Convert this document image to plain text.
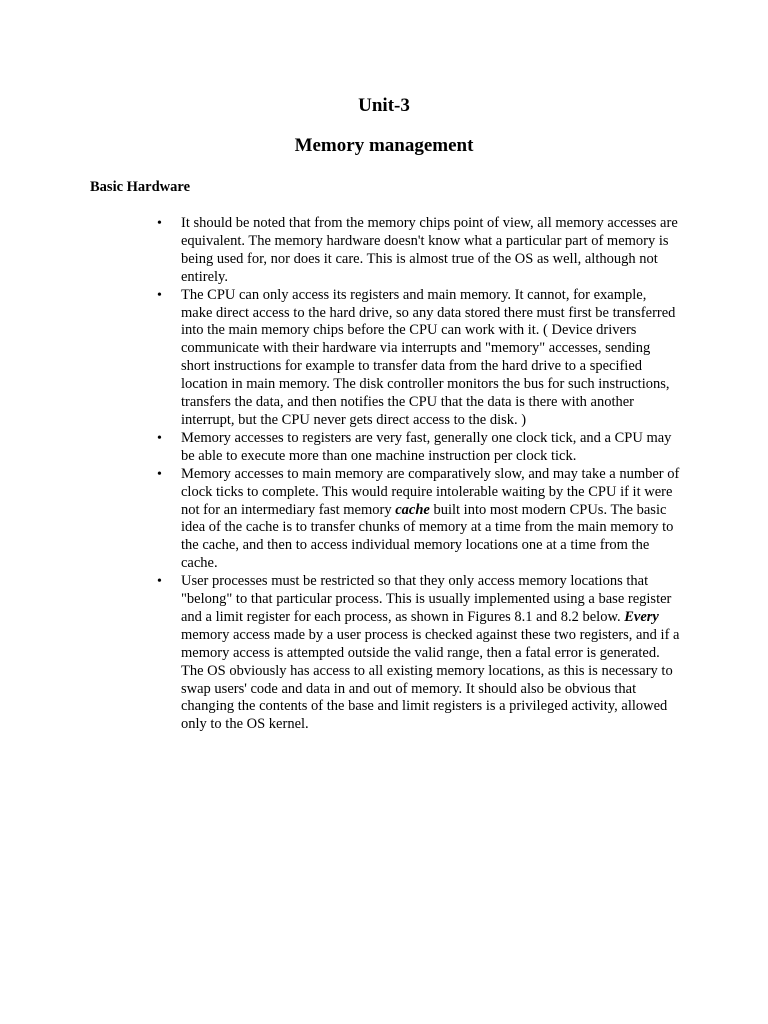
Unit-3
Memory management
Basic Hardware
• It should be noted that from the memory chips point of view, all memory accesses are equivalent. The memory hardware doesn't know what a particular part of memory is being used for, nor does it care. This is almost true of the OS as well, although not entirely.
• The CPU can only access its registers and main memory. It cannot, for example, make direct access to the hard drive, so any data stored there must first be transferred into the main memory chips before the CPU can work with it. ( Device drivers communicate with their hardware via interrupts and "memory" accesses, sending short instructions for example to transfer data from the hard drive to a specified location in main memory. The disk controller monitors the bus for such instructions, transfers the data, and then notifies the CPU that the data is there with another interrupt, but the CPU never gets direct access to the disk. )
• Memory accesses to registers are very fast, generally one clock tick, and a CPU may be able to execute more than one machine instruction per clock tick.
• Memory accesses to main memory are comparatively slow, and may take a number of clock ticks to complete. This would require intolerable waiting by the CPU if it were not for an intermediary fast memory cache built into most modern CPUs. The basic idea of the cache is to transfer chunks of memory at a time from the main memory to the cache, and then to access individual memory locations one at a time from the cache.
• User processes must be restricted so that they only access memory locations that "belong" to that particular process. This is usually implemented using a base register and a limit register for each process, as shown in Figures 8.1 and 8.2 below. Every memory access made by a user process is checked against these two registers, and if a memory access is attempted outside the valid range, then a fatal error is generated. The OS obviously has access to all existing memory locations, as this is necessary to swap users' code and data in and out of memory. It should also be obvious that changing the contents of the base and limit registers is a privileged activity, allowed only to the OS kernel.
